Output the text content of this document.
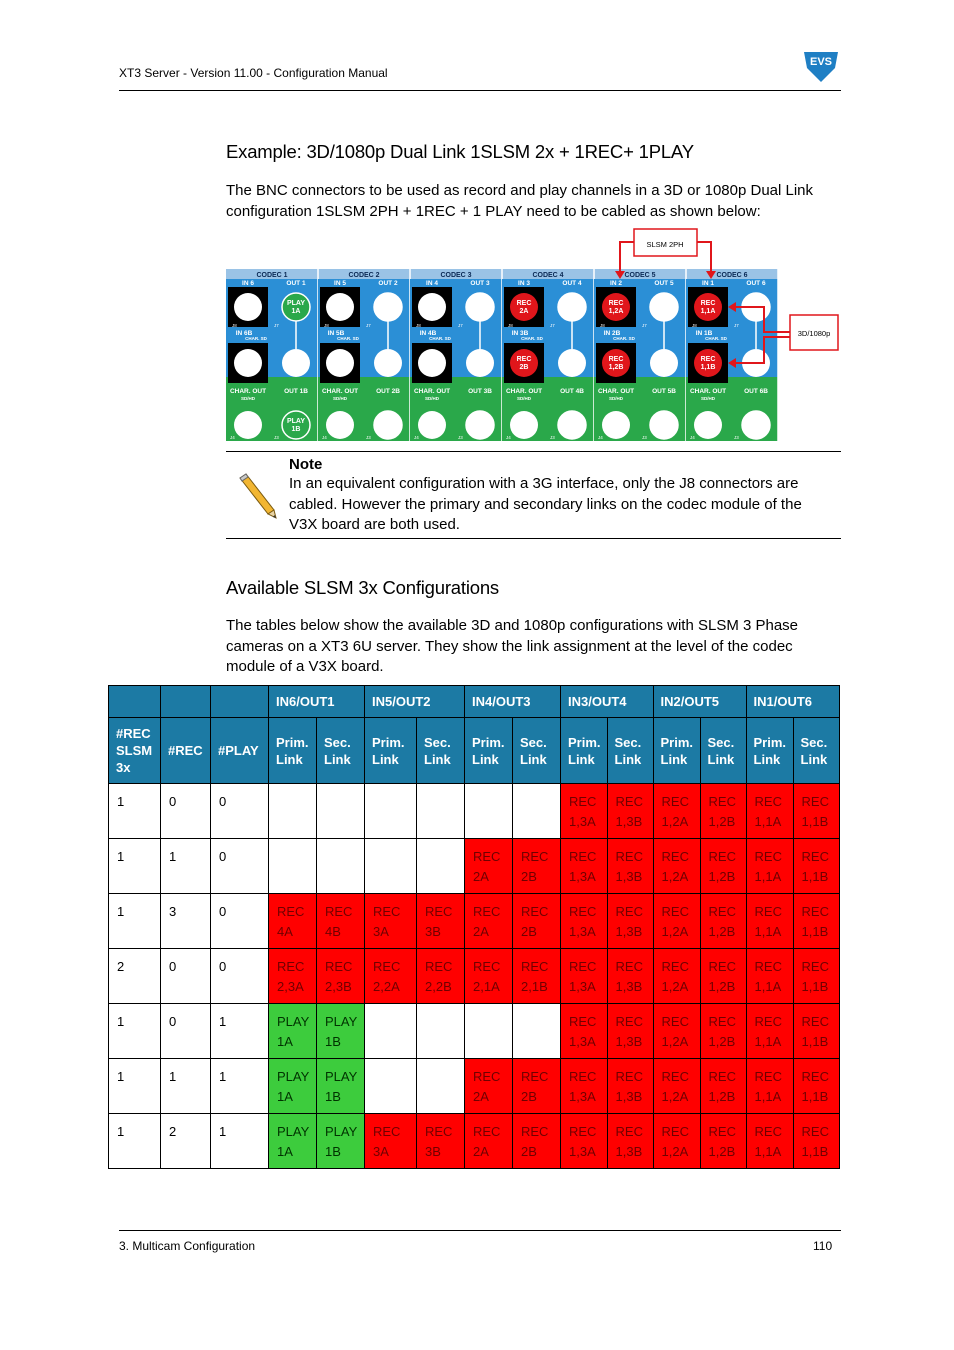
XT3 Server - Version 11.00 - Configuration Manual
EVS
Example: 3D/1080p Dual Link 1SLSM 2x + 1REC+ 1PLAY
The BNC connectors to be used as record and play channels in a 3D or 1080p Dual Link configuration 1SLSM 2PH + 1REC + 1 PLAY need to be cabled as shown below:
CODEC 1
IN 6	OUT 1
PLAY 1A
IN 6B
CHAR. SD
J8	J7
OUT 1B
CHAR. OUT
SD/HD
PLAY 1B
J4	J3
CODEC 2
IN 5	OUT 2
IN 5B
CHAR. SD
J8	J7
OUT 2B
CHAR. OUT
SD/HD
J4	J3
CODEC 3
IN 4	OUT 3
IN 4B
CHAR. SD
J8	J7
OUT 3B
CHAR. OUT
SD/HD
J4	J3
CODEC 4
IN 3	OUT 4
REC 2A
IN 3B
CHAR. SD
J8	J7
REC 2B
OUT 4B
CHAR. OUT
SD/HD
J4	J3
CODEC 5
IN 2	OUT 5
REC 1,2A
IN 2B
CHAR. SD
J8	J7
REC 1,2B
OUT 5B
CHAR. OUT
SD/HD
J4	J3
CODEC 6
IN 1	OUT 6
REC 1,1A
IN 1B
CHAR. SD
J8	J7
REC 1,1B
OUT 6B
CHAR. OUT
SD/HD
J4	J3
SLSM 2PH
3D/1080p
Note
In an equivalent configuration with a 3G interface, only the J8 connectors are cabled. However the primary and secondary links on the codec module of the V3X board are both used.
Available SLSM 3x Configurations
The tables below show the available 3D and 1080p configurations with SLSM 3 Phase cameras on a XT3 6U server. They show the link assignment at the level of the codec module of a V3X board.
			IN6/OUT1		IN5/OUT2		IN4/OUT3		IN3/OUT4		IN2/OUT5		IN1/OUT6	
#REC SLSM 3x	#REC	#PLAY	Prim. Link	Sec. Link	Prim. Link	Sec. Link	Prim. Link	Sec. Link	Prim. Link	Sec. Link	Prim. Link	Sec. Link	Prim. Link	Sec. Link
1	0	0							REC 1,3A	REC 1,3B	REC 1,2A	REC 1,2B	REC 1,1A	REC 1,1B
1	1	0					REC 2A	REC 2B	REC 1,3A	REC 1,3B	REC 1,2A	REC 1,2B	REC 1,1A	REC 1,1B
1	3	0	REC 4A	REC 4B	REC 3A	REC 3B	REC 2A	REC 2B	REC 1,3A	REC 1,3B	REC 1,2A	REC 1,2B	REC 1,1A	REC 1,1B
2	0	0	REC 2,3A	REC 2,3B	REC 2,2A	REC 2,2B	REC 2,1A	REC 2,1B	REC 1,3A	REC 1,3B	REC 1,2A	REC 1,2B	REC 1,1A	REC 1,1B
1	0	1	PLAY 1A	PLAY 1B					REC 1,3A	REC 1,3B	REC 1,2A	REC 1,2B	REC 1,1A	REC 1,1B
1	1	1	PLAY 1A	PLAY 1B			REC 2A	REC 2B	REC 1,3A	REC 1,3B	REC 1,2A	REC 1,2B	REC 1,1A	REC 1,1B
1	2	1	PLAY 1A	PLAY 1B	REC 3A	REC 3B	REC 2A	REC 2B	REC 1,3A	REC 1,3B	REC 1,2A	REC 1,2B	REC 1,1A	REC 1,1B
3. Multicam Configuration	110
